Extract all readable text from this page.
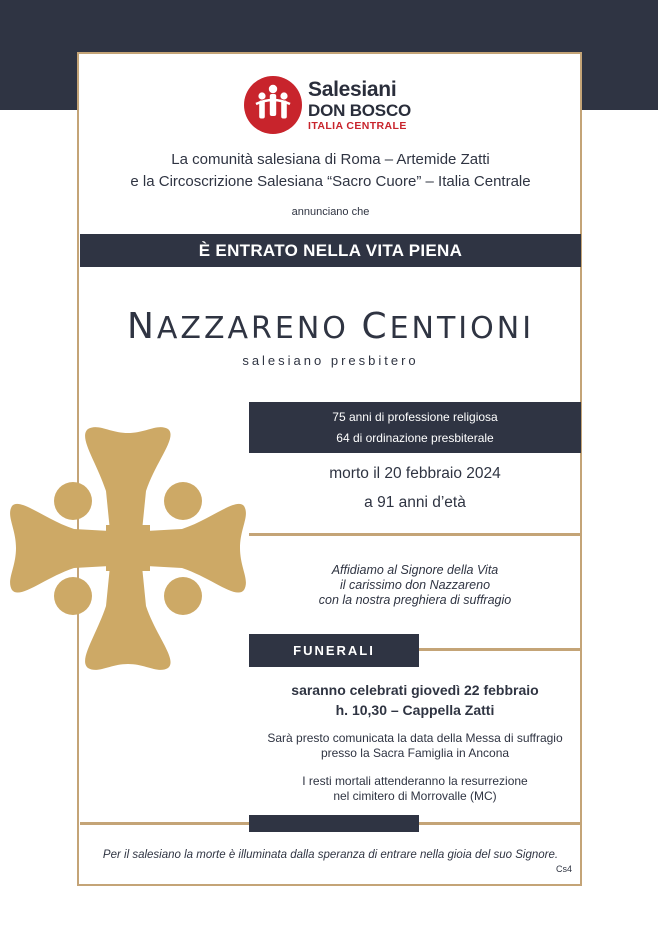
Salesiani
DON BOSCO
ITALIA CENTRALE
La comunità salesiana di Roma – Artemide Zatti
e la Circoscrizione Salesiana “Sacro Cuore” – Italia Centrale
annunciano che
È ENTRATO NELLA VITA PIENA
NAZZARENO CENTIONI
salesiano presbitero
75 anni di professione religiosa
64 di ordinazione presbiterale
morto il 20 febbraio 2024
a 91 anni d’età
Affidiamo al Signore della Vita
il carissimo don Nazzareno
con la nostra preghiera di suffragio
FUNERALI
saranno celebrati giovedì 22 febbraio
h. 10,30 – Cappella Zatti
Sarà presto comunicata la data della Messa di suffragio
presso la Sacra Famiglia in Ancona
I resti mortali attenderanno la resurrezione
nel cimitero di Morrovalle (MC)
Per il salesiano la morte è illuminata dalla speranza di entrare nella gioia del suo Signore.
Cs4
